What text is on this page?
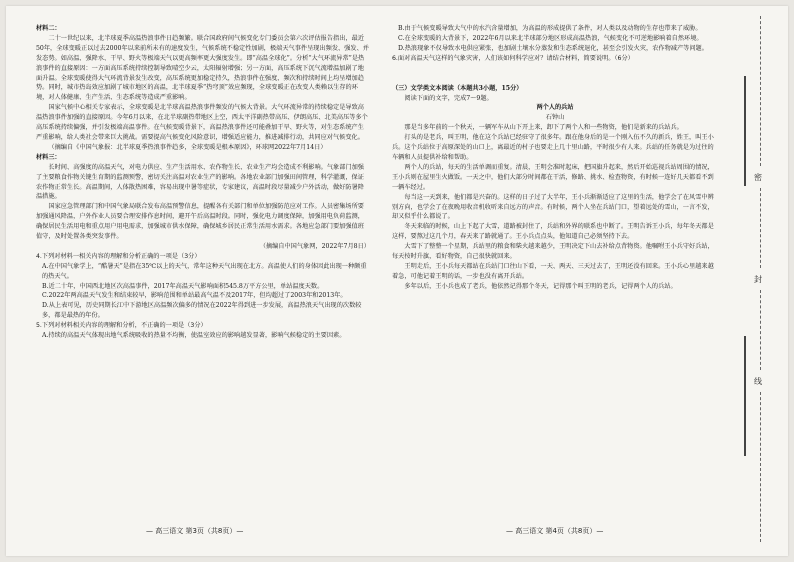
材料二：

二十一世纪以来，北半球夏季高温热浪事件日趋频繁。联合国政府间气候变化专门委员会第六次评估报告指出，最近50年，全球变暖正以过去2000年以来前所未有的速度发生，气候系统不稳定性加剧，极端天气事件呈现出频发、强发、并发态势。如高温、强降水、干旱、野火等极端天气以更高频率更大强度发生。即“高温全球化”。分析“大气环流异常”是热浪事件的直接原因：一方面高压系统持续控制导致晴空少云，太阳辐射增强；另一方面，高压系统下沉气流增温加剧了地面升温。全球变暖使得大气环流背景发生改变，高压系统更加稳定持久，热浪事件在强度、频次和持续时间上均呈增加趋势。同时，城市热岛效应加剧了城市地区的高温，北半球夏季“热穹顶”效应频现，全球变暖正在改变人类赖以生存的环境，对人体健康、生产生活、生态系统等造成严重影响。

国家气候中心相关专家表示，全球变暖是北半球高温热浪事件频发的气候大背景。大气环流异常的持续稳定是导致高温热浪事件加强的直接原因。今年6月以来，在北半球副热带地区上空，西太平洋副热带高压、伊朗高压、北美高压等多个高压系统持续偏强，并引发极端高温事件。在气候变暖背景下，高温热浪事件还可能叠加干旱、野火等，对生态系统产生严重影响，给人类社会带来巨大挑战。需要提高气候变化风险意识，增强适应能力，推进减排行动，共同应对气候变化。

（摘编自《中国气象报：北半球夏季热浪事件趋多，全球变暖是根本原因》，环球网2022年7月14日）

材料三：

长时间、高强度的高温天气，对电力供应、生产生活用水、农作物生长、农业生产均会造成不利影响。气象部门加强了主要粮食作物关键生育期的监测预警，密切关注高温对农业生产的影响。各地农业部门加强田间管理，科学灌溉，保证农作物正常生长。高温期间，人体散热困难，容易出现中暑等症状，专家建议，高温时段尽量减少户外活动，做好防暑降温措施。

国家应急管理部门和中国气象局联合发布高温预警信息，提醒各有关部门和单位加强防范应对工作。人员密集场所要加强通风降温，户外作业人员要合理安排作息时间，避开午后高温时段。同时，强化电力调度保障，加强用电负荷监测，确保居民生活用电和重点用户用电需求，加强城市供水保障，确保城乡居民正常生活用水需求。各地应急部门要加强值班值守，及时处置各类突发事件。

（摘编自中国气象网，2022年7月8日）

4.下列对材料一相关内容的理解和分析正确的一项是（3分）

A.在中国气象学上，“酷暑天”是指在35℃以上的天气，常年这种天气出现在北方。高温使人们的身体因此出现一种颇重的热天气。

B.近二十年，中国西北地区次高温事件，2017年高温天气影响面积545.8万平方公里，单站温度天数。

C.2022年两高温天气发生和结束较早，影响范围和单站最高气温不及2017年，但均超过了2003年和2013年。

D.从上表可见，历史同期长江中下游地区高温频次偏多的情况在2022年得到进一步发展，高温热浪天气出现的次数较多，都是最热的年份。

5.下列对材料相关内容的理解和分析，不正确的一项是（3分）

A.持续的高温天气体现出地气系统吸收的热量不均衡，使温室效应的影响越发显著，影响气候稳定的主要因素。

B.由于气候变暖导致大气中的水汽含量增加，为高温的形成提供了条件，对人类以及动物的生存也带来了威胁。

C.在全球变暖的大背景下，2022年6月以来北半球部分地区形成高温热浪，气候变化不可逆地影响着自然环境。

D.热浪现象不仅导致水电供应紧张，也加剧土壤水分蒸发和生态系统退化，甚至会引发火灾，农作物减产等问题。

6.面对高温天气这样的气象灾害，人们该如何科学应对？请结合材料，简要说明。（6分）

（三）文学类文本阅读（本题共3小题，15分）

阅读下面的文字，完成7～9题。

两个人的兵站

石钟山

那是当多年前的一个秋天，一辆军车从山下开上来，卸下了两个人和一些物资，他们是新来的兵站兵。

打头的是老兵，叫王明，他在这个兵站已经驻守了很多年。跟在他身后的是一个刚入伍不久的新兵，姓王，叫王小兵。这个兵站位于高原深处的山口上，离最近的村子也要走上几十里山路，平时很少有人来。兵站的任务就是为过往的车辆和人员提供补给和帮助。

两个人的兵站，每天的生活单调而重复。清晨，王明会准时起床，把国旗升起来，然后开始巡视兵站周围的情况，王小兵则在屋里生火做饭。一天之中，他们大部分时间都在干活，修路、挑水、检查物资，有时候一连好几天都看不到一辆车经过。

每当这一天到来，他们都是兴奋的。这样的日子过了大半年，王小兵渐渐适应了这里的生活，他学会了在风雪中辨别方向，也学会了在夜晚用收音机收听来自远方的声音。有时候，两个人坐在兵站门口，望着远处的雪山，一言不发，却又似乎什么都说了。

冬天来临的时候，山上下起了大雪，道路被封住了，兵站和外界的联系也中断了。王明告诉王小兵，每年冬天都是这样，要熬过这几个月，春天来了路就通了。王小兵点点头，他知道自己必须坚持下去。

大雪下了整整一个星期，兵站里的粮食和柴火越来越少，王明决定下山去补给点背物资。他嘱咐王小兵守好兵站，每天按时升旗，看好物资，自己很快就回来。

王明走后，王小兵每天都站在兵站门口往山下看，一天、两天、三天过去了，王明还没有回来。王小兵心里越来越着急，可他记着王明的话，一步也没有离开兵站。

多年以后，王小兵也成了老兵，他依然记得那个冬天，记得那个叫王明的老兵，记得两个人的兵站。

— 高三语文 第3页（共8页）—	— 高三语文 第4页（共8页）—
密
封
线
